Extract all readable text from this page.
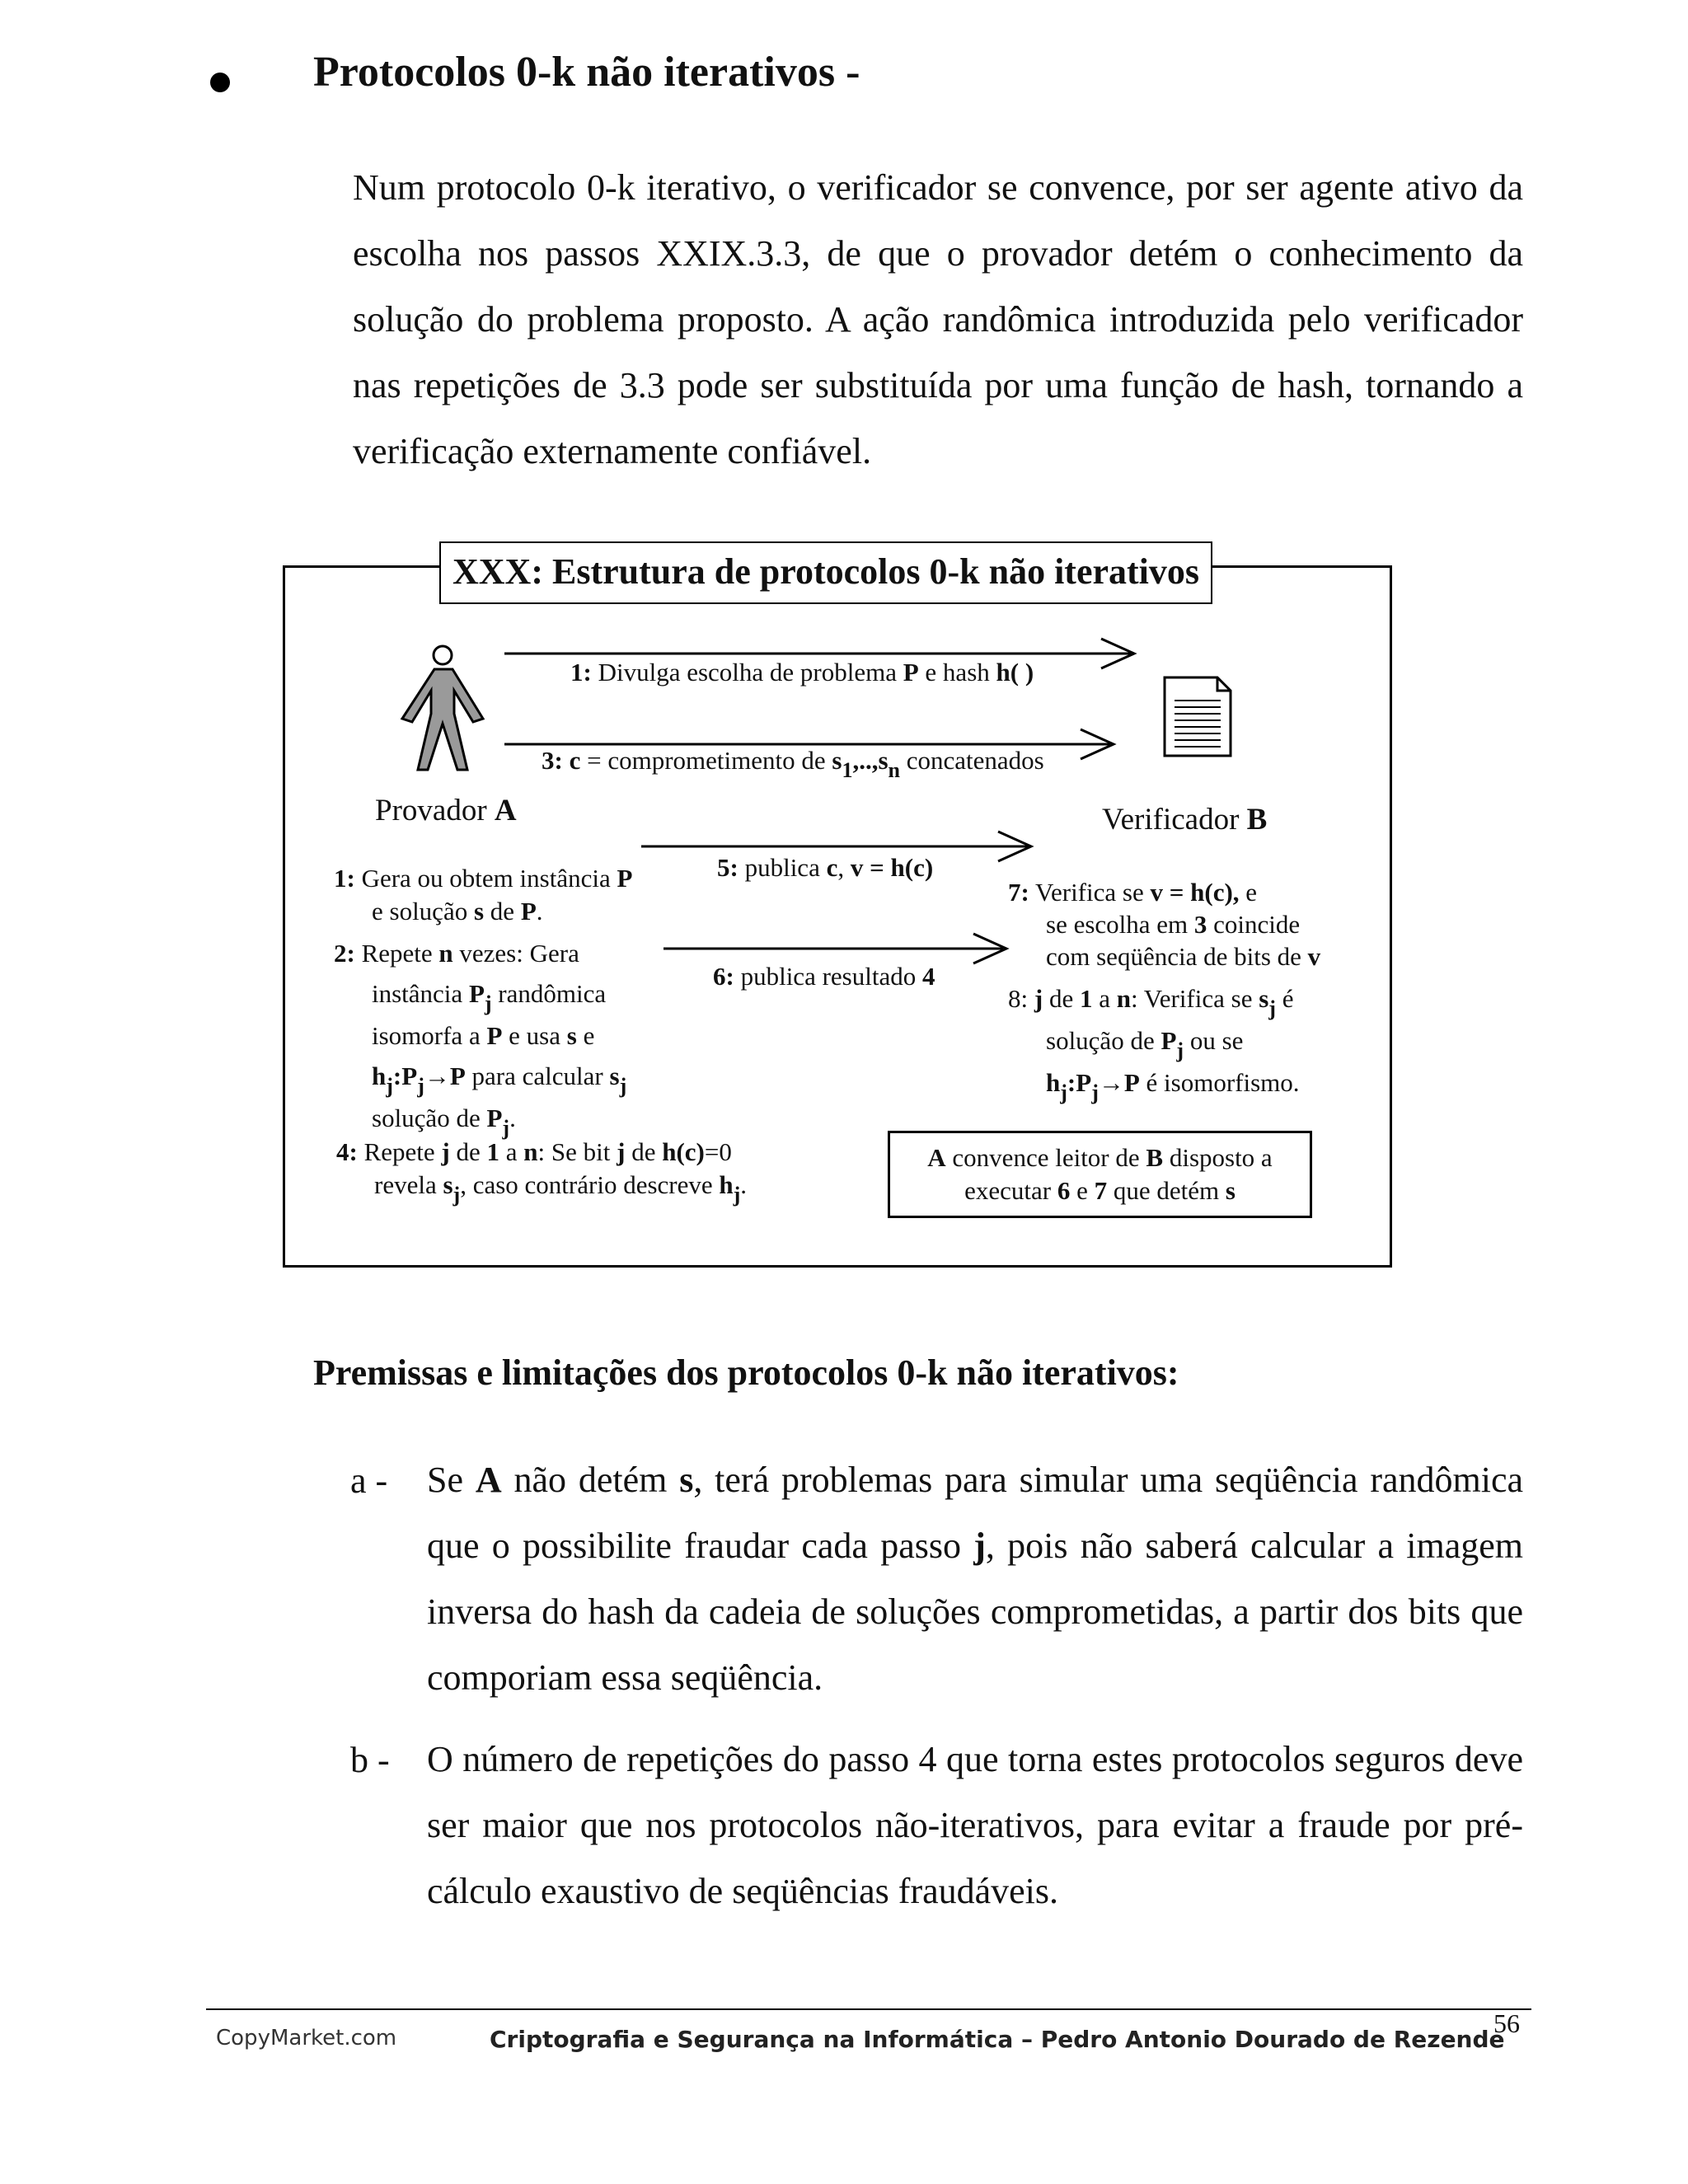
Protocolos 0-k não iterativos -
Num protocolo 0-k iterativo, o verificador se convence, por ser agente ativo da escolha nos passos XXIX.3.3, de que o provador detém o conhecimento da solução do problema proposto. A ação randômica introduzida pelo verificador nas repetições de 3.3 pode ser substituída por uma função de hash, tornando a verificação externamente confiável.
XXX: Estrutura de protocolos 0-k não iterativos
Provador A	Verificador B
1: Divulga escolha de problema P e hash h( )
3: c = comprometimento de $s_1,..,s_n$ concatenados
5: publica c, v = h(c)
6: publica resultado 4
1: Gera ou obtem instância P
e solução s de P.
2: Repete n vezes: Gera
instância $P_j$ randômica
isomorfa a P e usa s e
$h_j:P_j\to P$ para calcular $s_j$
solução de $P_j$.
4: Repete j de 1 a n: Se bit j de h(c)=0
revela $s_j$, caso contrário descreve $h_j$.
7: Verifica se v = h(c), e
se escolha em 3 coincide
com seqüência de bits de v
8: j de 1 a n: Verifica se $s_j$ é
solução de $P_j$ ou se
$h_j:P_j\to P$ é isomorfismo.
A convence leitor de B disposto a
executar 6 e 7 que detém s
Premissas e limitações dos protocolos 0-k não iterativos:
a - Se A não detém s, terá problemas para simular uma seqüência randômica que o possibilite fraudar cada passo j, pois não saberá calcular a imagem inversa do hash da cadeia de soluções comprometidas, a partir dos bits que comporiam essa seqüência.
b - O número de repetições do passo 4 que torna estes protocolos seguros deve ser maior que nos protocolos não-iterativos, para evitar a fraude por pré-cálculo exaustivo de seqüências fraudáveis.
56
CopyMarket.com	Criptografia e Segurança na Informática – Pedro Antonio Dourado de Rezende
